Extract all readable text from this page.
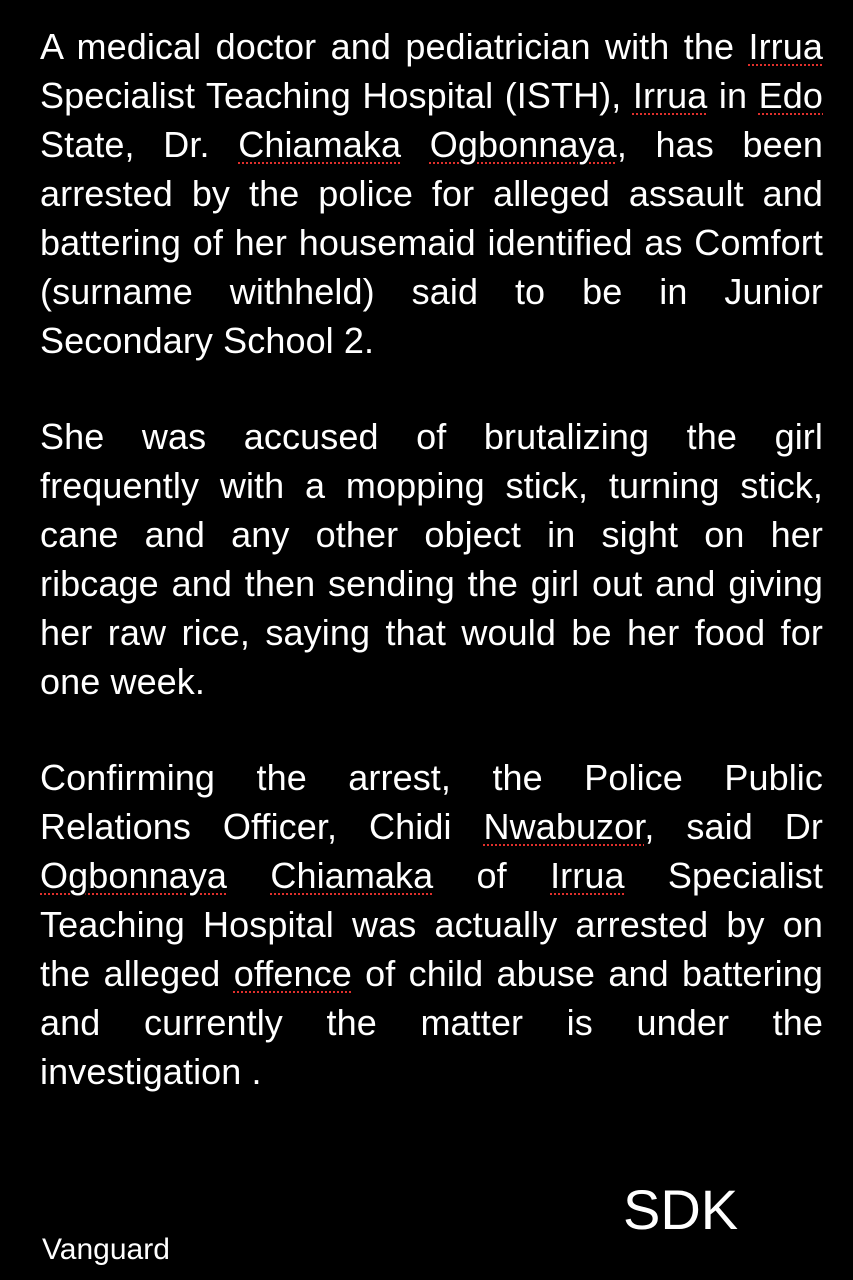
A medical doctor and pediatrician with the Irrua Specialist Teaching Hospital (ISTH), Irrua in Edo State, Dr. Chiamaka Ogbonnaya, has been arrested by the police for alleged assault and battering of her housemaid identified as Comfort (surname withheld) said to be in Junior Secondary School 2.

She was accused of brutalizing the girl frequently with a mopping stick, turning stick, cane and any other object in sight on her ribcage and then sending the girl out and giving her raw rice, saying that would be her food for one week.

Confirming the arrest, the Police Public Relations Officer, Chidi Nwabuzor, said Dr Ogbonnaya Chiamaka of Irrua Specialist Teaching Hospital was actually arrested by on the alleged offence of child abuse and battering and currently the matter is under the investigation .

SDK
Vanguard
